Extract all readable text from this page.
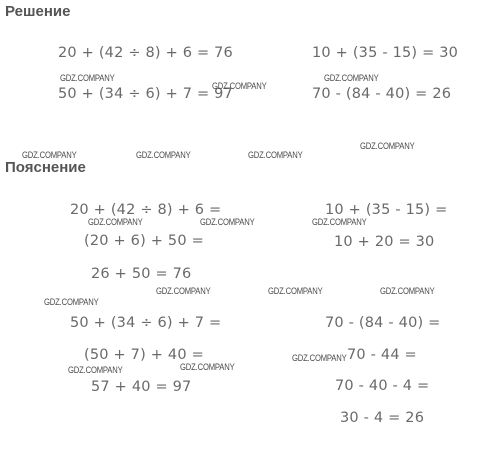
Решение
20 + (42 ÷ 8) + 6 = 76
50 + (34 ÷ 6) + 7 = 97
10 + (35 - 15) = 30
70 - (84 - 40) = 26
Пояснение
20 + (42 ÷ 8) + 6 =
(20 + 6) + 50 =
26 + 50 = 76
50 + (34 ÷ 6) + 7 =
(50 + 7) + 40 =
57 + 40 = 97
10 + (35 - 15) =
10 + 20 = 30
70 - (84 - 40) =
70 - 44 =
70 - 40 - 4 =
30 - 4 = 26
GDZ.COMPANY
GDZ.COMPANY
GDZ.COMPANY
GDZ.COMPANY
GDZ.COMPANY	GDZ.COMPANY	GDZ.COMPANY
GDZ.COMPANY	GDZ.COMPANY	GDZ.COMPANY
GDZ.COMPANY	GDZ.COMPANY	GDZ.COMPANY
GDZ.COMPANY
GDZ.COMPANY
GDZ.COMPANY
GDZ.COMPANY
